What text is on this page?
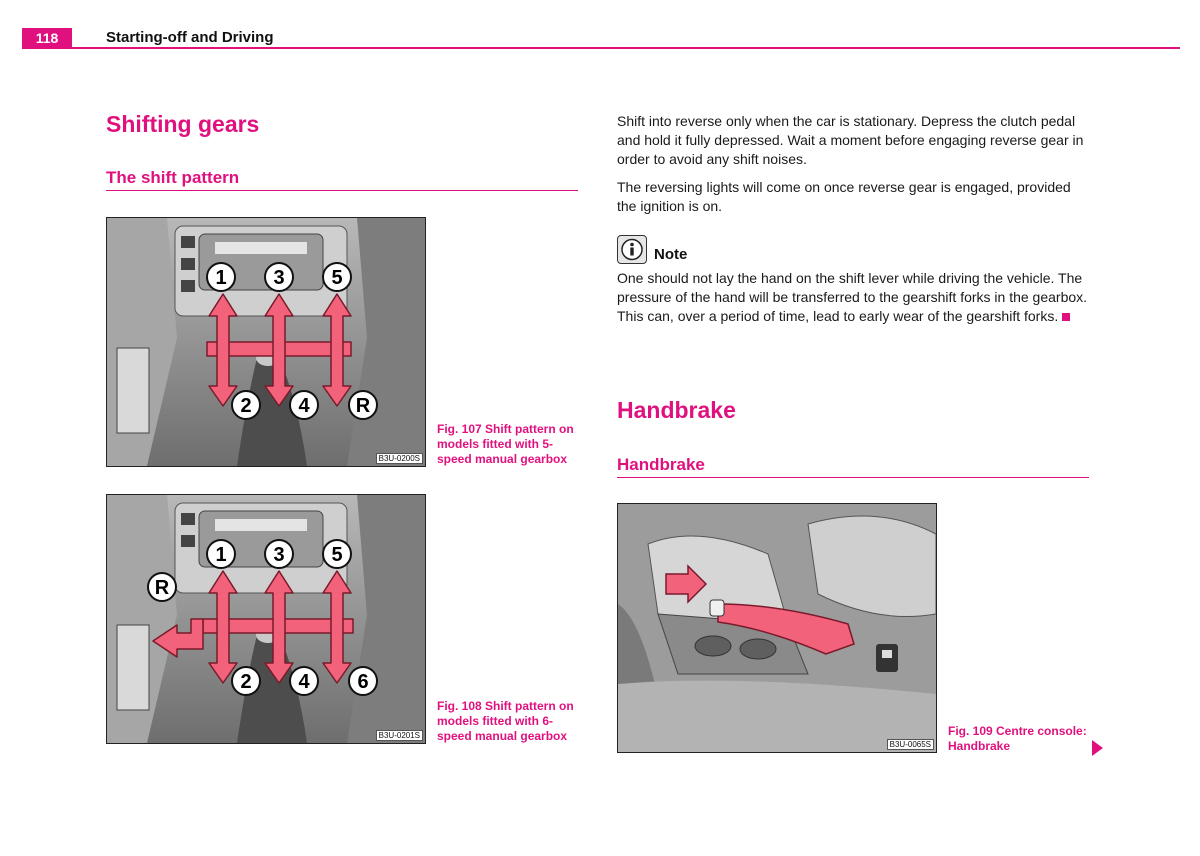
118	Starting-off and Driving
Shifting gears
The shift pattern
1 3 5
2 4 R
B3U-0200S
Fig. 107 Shift pattern on models fitted with 5-speed manual gearbox
1 3 5
R
2 4 6
B3U-0201S
Fig. 108 Shift pattern on models fitted with 6-speed manual gearbox
Shift into reverse only when the car is stationary. Depress the clutch pedal and hold it fully depressed. Wait a moment before engaging reverse gear in order to avoid any shift noises.
The reversing lights will come on once reverse gear is engaged, provided the ignition is on.
Note
One should not lay the hand on the shift lever while driving the vehicle. The pressure of the hand will be transferred to the gearshift forks in the gearbox. This can, over a period of time, lead to early wear of the gearshift forks.
Handbrake
Handbrake
B3U-0065S
Fig. 109 Centre console: Handbrake
